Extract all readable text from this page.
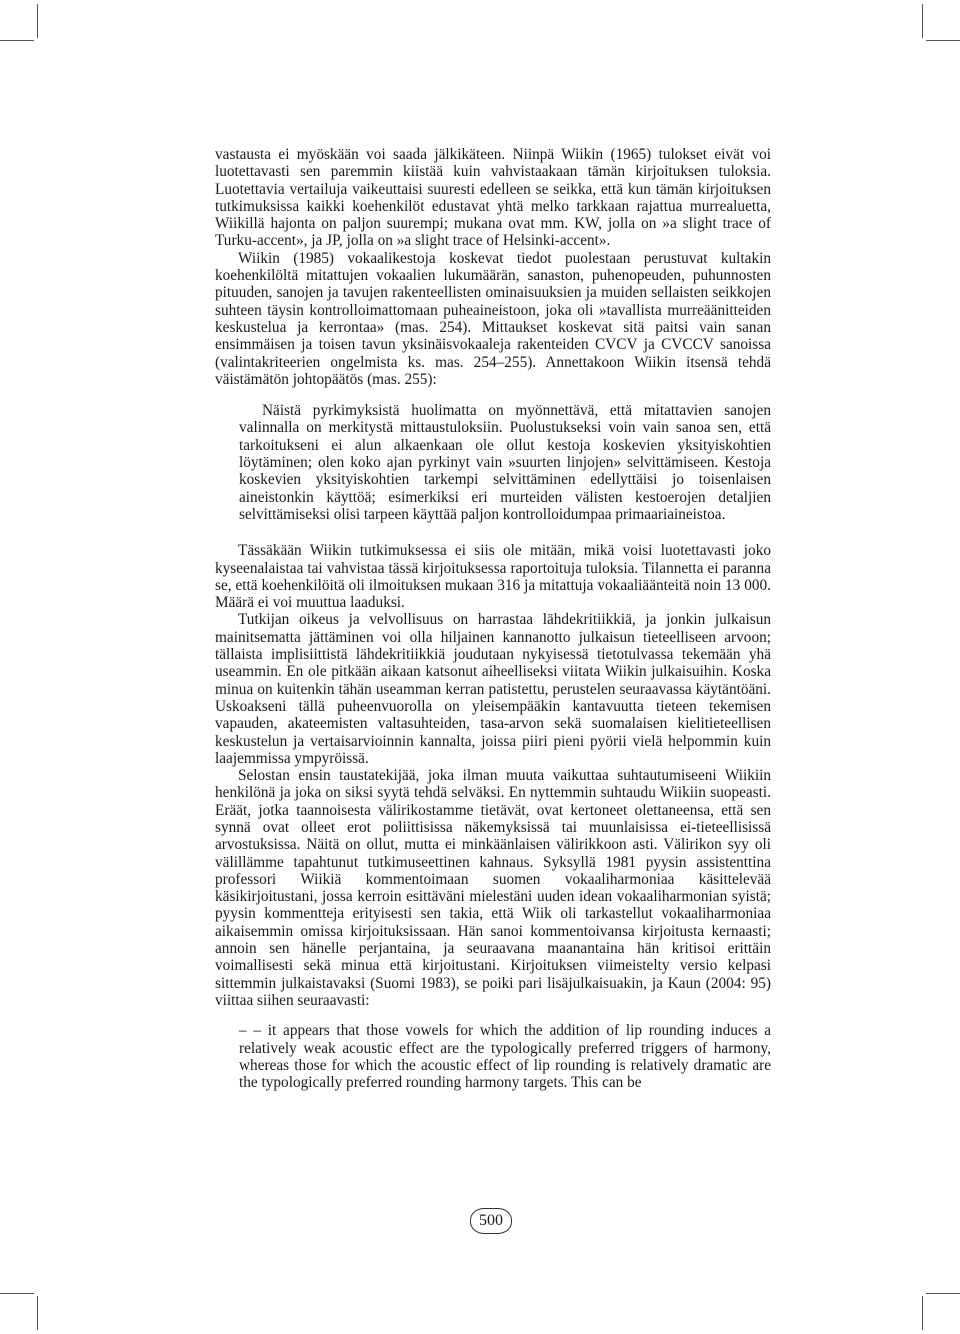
vastausta ei myöskään voi saada jälkikäteen. Niinpä Wiikin (1965) tulokset eivät voi luotettavasti sen paremmin kiistää kuin vahvistaakaan tämän kirjoituksen tuloksia. Luotettavia vertailuja vaikeuttaisi suuresti edelleen se seikka, että kun tämän kirjoituksen tutkimuksissa kaikki koehenkilöt edustavat yhtä melko tarkkaan rajattua murrealuetta, Wiikillä hajonta on paljon suurempi; mukana ovat mm. KW, jolla on »a slight trace of Turku-accent», ja JP, jolla on »a slight trace of Helsinki-accent».

Wiikin (1985) vokaalikestoja koskevat tiedot puolestaan perustuvat kultakin koehenkilöltä mitattujen vokaalien lukumäärän, sanaston, puhenopeuden, puhunnosten pituuden, sanojen ja tavujen rakenteellisten ominaisuuksien ja muiden sellaisten seikkojen suhteen täysin kontrolloimattomaan puheaineistoon, joka oli »tavallista murreäänitteiden keskustelua ja kerrontaa» (mas. 254). Mittaukset koskevat sitä paitsi vain sanan ensimmäisen ja toisen tavun yksinäisvokaaleja rakenteiden CVCV ja CVCCV sanoissa (valintakriteerien ongelmista ks. mas. 254–255). Annettakoon Wiikin itsensä tehdä väistämätön johtopäätös (mas. 255):

Näistä pyrkimyksistä huolimatta on myönnettävä, että mitattavien sanojen valinnalla on merkitystä mittaustuloksiin. Puolustukseksi voin vain sanoa sen, että tarkoitukseni ei alun alkaenkaan ole ollut kestoja koskevien yksityiskohtien löytäminen; olen koko ajan pyrkinyt vain »suurten linjojen» selvittämiseen. Kestoja koskevien yksityiskohtien tarkempi selvittäminen edellyttäisi jo toisenlaisen aineistonkin käyttöä; esimerkiksi eri murteiden välisten kestoerojen detaljien selvittämiseksi olisi tarpeen käyttää paljon kontrolloidumpaa primaariaineistoa.

Tässäkään Wiikin tutkimuksessa ei siis ole mitään, mikä voisi luotettavasti joko kyseenalaistaa tai vahvistaa tässä kirjoituksessa raportoituja tuloksia. Tilannetta ei paranna se, että koehenkilöitä oli ilmoituksen mukaan 316 ja mitattuja vokaaliäänteitä noin 13 000. Määrä ei voi muuttua laaduksi.

Tutkijan oikeus ja velvollisuus on harrastaa lähdekritiikkiä, ja jonkin julkaisun mainitsematta jättäminen voi olla hiljainen kannanotto julkaisun tieteelliseen arvoon; tällaista implisiittistä lähdekritiikkiä joudutaan nykyisessä tietotulvassa tekemään yhä useammin. En ole pitkään aikaan katsonut aiheelliseksi viitata Wiikin julkaisuihin. Koska minua on kuitenkin tähän useamman kerran patistettu, perustelen seuraavassa käytäntöäni. Uskoakseni tällä puheenvuorolla on yleisempääkin kantavuutta tieteen tekemisen vapauden, akateemisten valtasuhteiden, tasa-arvon sekä suomalaisen kielitieteellisen keskustelun ja vertaisarvioinnin kannalta, joissa piiri pieni pyörii vielä helpommin kuin laajemmissa ympyröissä.

Selostan ensin taustatekijää, joka ilman muuta vaikuttaa suhtautumiseeni Wiikiin henkilönä ja joka on siksi syytä tehdä selväksi. En nyttemmin suhtaudu Wiikiin suopeasti. Eräät, jotka taannoisesta välirikostamme tietävät, ovat kertoneet olettaneensa, että sen synnä ovat olleet erot poliittisissa näkemyksissä tai muunlaisissa ei-tieteellisissä arvostuksissa. Näitä on ollut, mutta ei minkäänlaisen välirikkoon asti. Välirikon syy oli välillämme tapahtunut tutkimuseettinen kahnaus. Syksyllä 1981 pyysin assistenttina professori Wiikiä kommentoimaan suomen vokaaliharmoniaa käsittelevää käsikirjoitustani, jossa kerroin esittäväni mielestäni uuden idean vokaaliharmonian syistä; pyysin kommentteja erityisesti sen takia, että Wiik oli tarkastellut vokaaliharmoniaa aikaisemmin omissa kirjoituksissaan. Hän sanoi kommentoivansa kirjoitusta kernaasti; annoin sen hänelle perjantaina, ja seuraavana maanantaina hän kritisoi erittäin voimallisesti sekä minua että kirjoitustani. Kirjoituksen viimeistelty versio kelpasi sittemmin julkaistavaksi (Suomi 1983), se poiki pari lisäjulkaisuakin, ja Kaun (2004: 95) viittaa siihen seuraavasti:

– – it appears that those vowels for which the addition of lip rounding induces a relatively weak acoustic effect are the typologically preferred triggers of harmony, whereas those for which the acoustic effect of lip rounding is relatively dramatic are the typologically preferred rounding harmony targets. This can be

500
